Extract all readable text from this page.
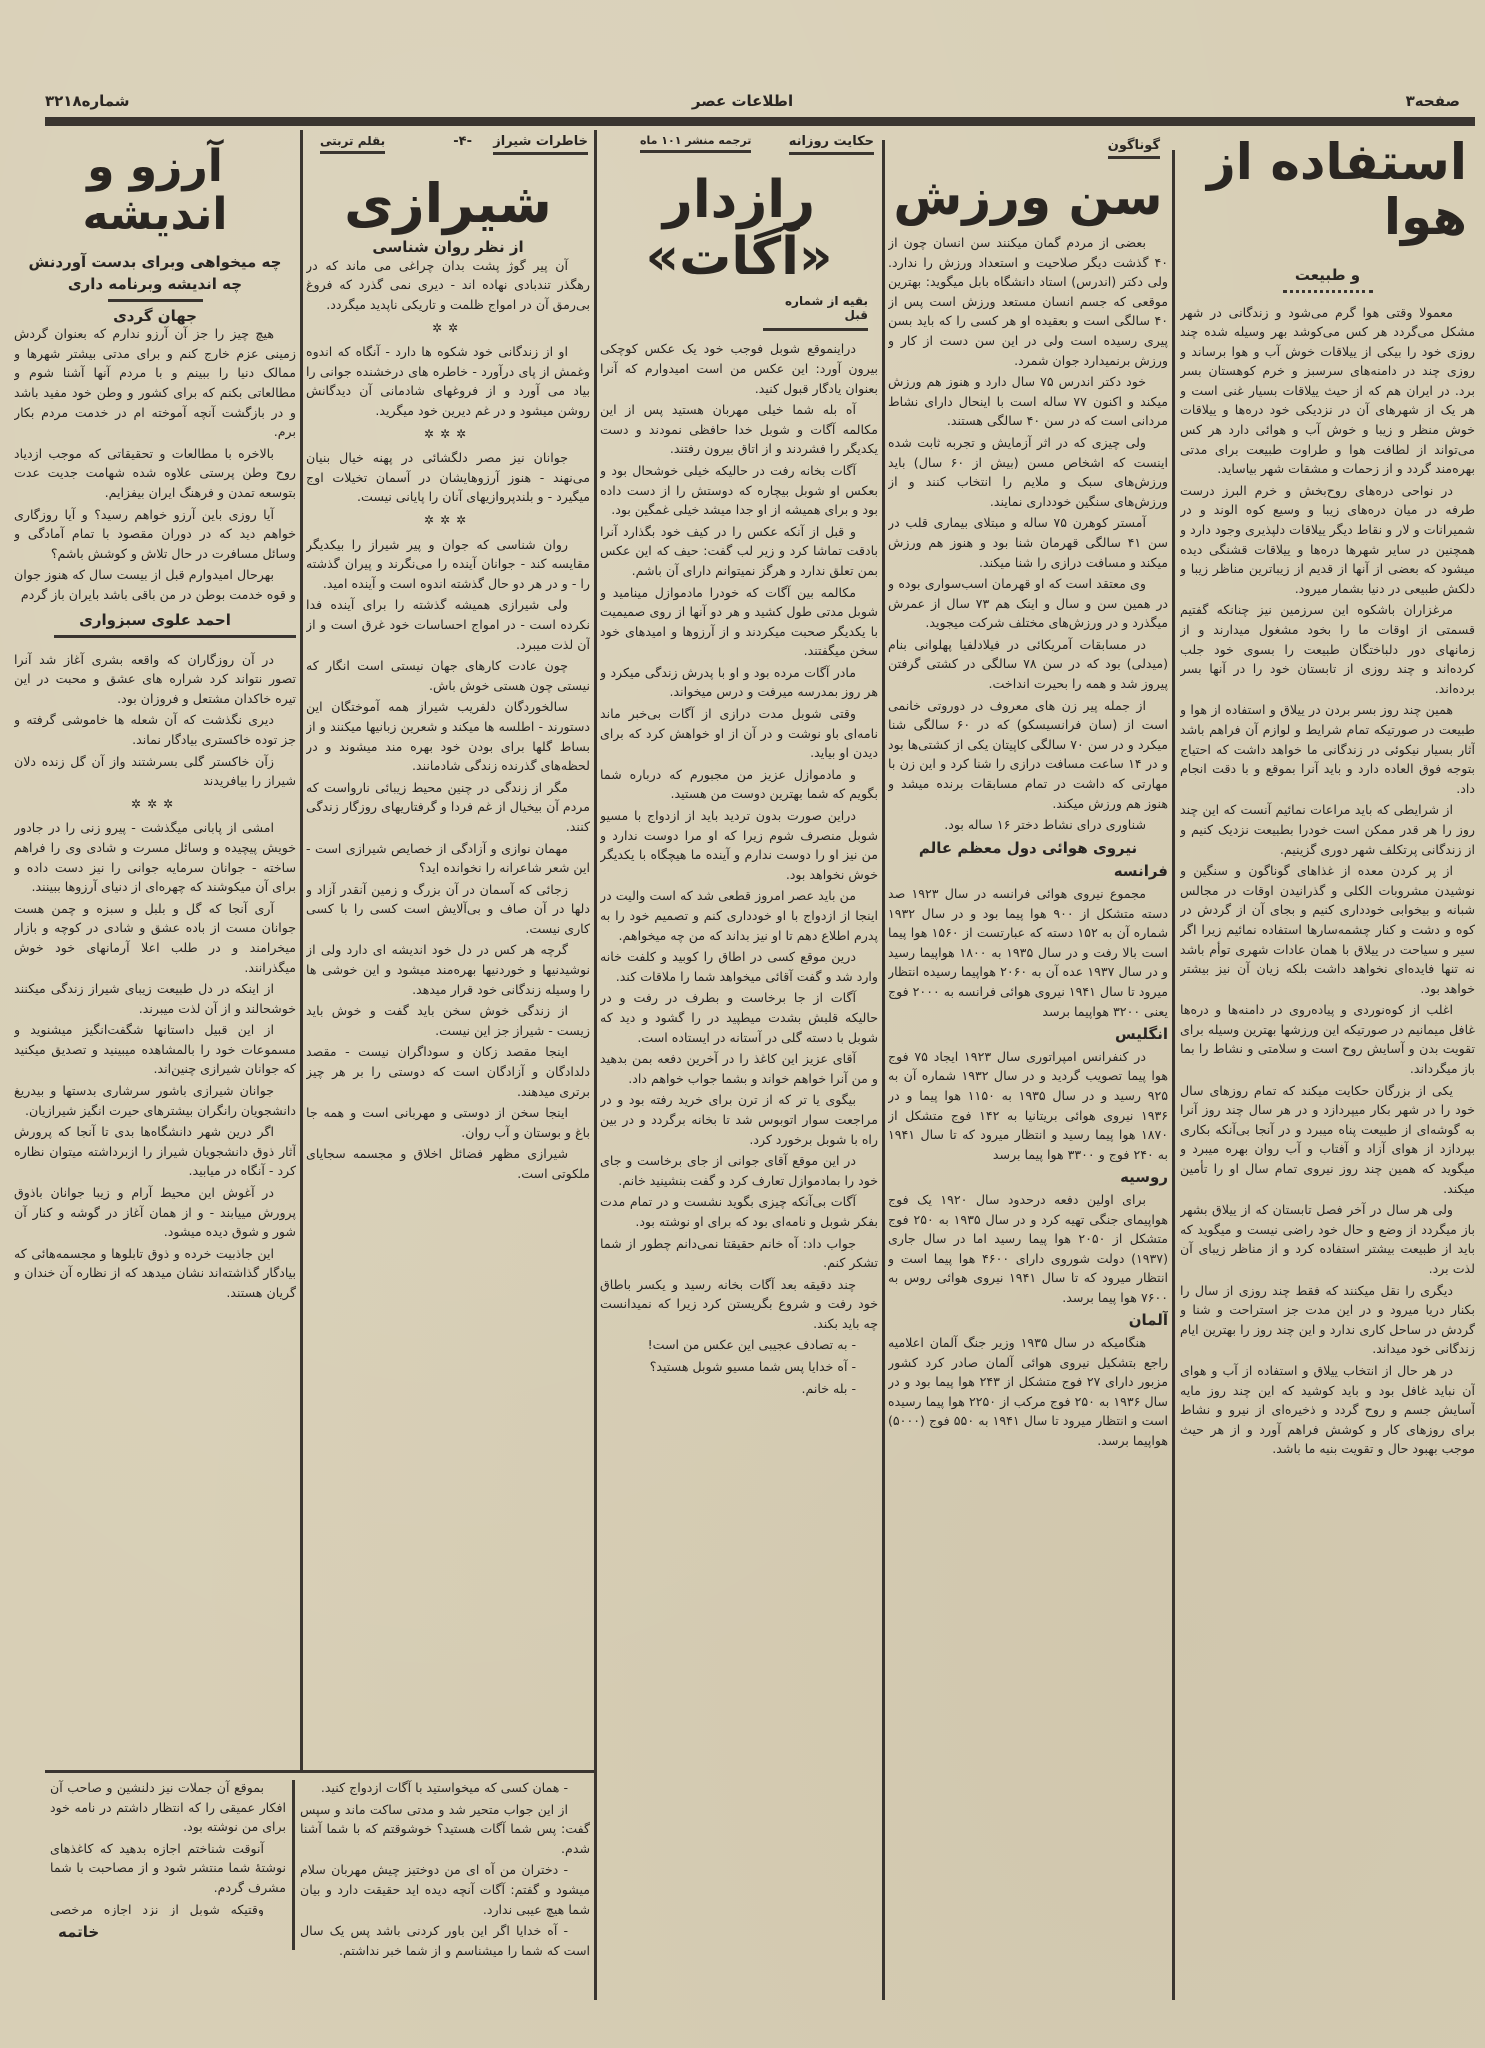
صفحه۳
اطلاعات عصر
شماره۳۲۱۸
استفاده از هوا
و طبیعت

معمولا وقتی هوا گرم می‌شود و زندگانی در شهر مشکل می‌گردد هر کس می‌کوشد بهر وسیله شده چند روزی خود را بیکی از ییلاقات خوش آب و هوا برساند و روزی چند در دامنه‌های سرسبز و خرم کوهستان بسر برد. در ایران هم که از حیث ییلاقات بسیار غنی است و هر یک از شهرهای آن در نزدیکی خود دره‌ها و ییلاقات خوش منظر و زیبا و خوش آب و هوائی دارد هر کس می‌تواند از لطافت هوا و طراوت طبیعت برای مدتی بهره‌مند گردد و از زحمات و مشقات شهر بیاساید.

در نواحی دره‌های روح‌بخش و خرم البرز درست طرفه در میان دره‌های زیبا و وسیع کوه الوند و در شمیرانات و لار و نقاط دیگر ییلاقات دلپذیری وجود دارد و همچنین در سایر شهرها دره‌ها و ییلاقات قشنگی دیده میشود که بعضی از آنها از قدیم از زیباترین مناظر زیبا و دلکش طبیعی در دنیا بشمار میرود.

مرغزاران باشکوه این سرزمین نیز چنانکه گفتیم قسمتی از اوقات ما را بخود مشغول میدارند و از زمانهای دور دلباختگان طبیعت را بسوی خود جلب کرده‌اند و چند روزی از تابستان خود را در آنها بسر برده‌اند.

همین چند روز بسر بردن در ییلاق و استفاده از هوا و طبیعت در صورتیکه تمام شرایط و لوازم آن فراهم باشد آثار بسیار نیکوئی در زندگانی ما خواهد داشت که احتیاج بتوجه فوق العاده دارد و باید آنرا بموقع و با دقت انجام داد.

از شرایطی که باید مراعات نمائیم آنست که این چند روز را هر قدر ممکن است خودرا بطبیعت نزدیک کنیم و از زندگانی پرتکلف شهر دوری گزینیم.

از پر کردن معده از غذاهای گوناگون و سنگین و نوشیدن مشروبات الکلی و گذرانیدن اوقات در مجالس شبانه و بیخوابی خودداری کنیم و بجای آن از گردش در کوه و دشت و کنار چشمه‌سارها استفاده نمائیم زیرا اگر سیر و سیاحت در ییلاق با همان عادات شهری توأم باشد نه تنها فایده‌ای نخواهد داشت بلکه زیان آن نیز بیشتر خواهد بود.

اغلب از کوه‌نوردی و پیاده‌روی در دامنه‌ها و دره‌ها غافل میمانیم در صورتیکه این ورزشها بهترین وسیله برای تقویت بدن و آسایش روح است و سلامتی و نشاط را بما باز میگرداند.

یکی از بزرگان حکایت میکند که تمام روزهای سال خود را در شهر بکار میپردازد و در هر سال چند روز آنرا به گوشه‌ای از طبیعت پناه میبرد و در آنجا بی‌آنکه بکاری بپردازد از هوای آزاد و آفتاب و آب روان بهره میبرد و میگوید که همین چند روز نیروی تمام سال او را تأمین میکند.

ولی هر سال در آخر فصل تابستان که از ییلاق بشهر باز میگردد از وضع و حال خود راضی نیست و میگوید که باید از طبیعت بیشتر استفاده کرد و از مناظر زیبای آن لذت برد.

دیگری را نقل میکنند که فقط چند روزی از سال را بکنار دریا میرود و در این مدت جز استراحت و شنا و گردش در ساحل کاری ندارد و این چند روز را بهترین ایام زندگانی خود میداند.

در هر حال از انتخاب ییلاق و استفاده از آب و هوای آن نباید غافل بود و باید کوشید که این چند روز مایه آسایش جسم و روح گردد و ذخیره‌ای از نیرو و نشاط برای روزهای کار و کوشش فراهم آورد و از هر حیث موجب بهبود حال و تقویت بنیه ما باشد.

گوناگون
سن ورزش

بعضی از مردم گمان میکنند سن انسان چون از ۴۰ گذشت دیگر صلاحیت و استعداد ورزش را ندارد. ولی دکتر (اندرس) استاد دانشگاه بابل میگوید: بهترین موقعی که جسم انسان مستعد ورزش است پس از ۴۰ سالگی است و بعقیده او هر کسی را که باید بسن پیری رسیده است ولی در این سن دست از کار و ورزش برنمیدارد جوان شمرد.

خود دکتر اندرس ۷۵ سال دارد و هنوز هم ورزش میکند و اکنون ۷۷ ساله است با اینحال دارای نشاط مردانی است که در سن ۴۰ سالگی هستند.

ولی چیزی که در اثر آزمایش و تجربه ثابت شده اینست که اشخاص مسن (بیش از ۶۰ سال) باید ورزش‌های سبک و ملایم را انتخاب کنند و از ورزش‌های سنگین خودداری نمایند.

آمستر کوهرن ۷۵ ساله و مبتلای بیماری قلب در سن ۴۱ سالگی قهرمان شنا بود و هنوز هم ورزش میکند و مسافت درازی را شنا میکند.

وی معتقد است که او قهرمان اسب‌سواری بوده و در همین سن و سال و اینک هم ۷۳ سال از عمرش میگذرد و در ورزش‌های مختلف شرکت میجوید.

در مسابقات آمریکائی در فیلادلفیا پهلوانی بنام (میدلی) بود که در سن ۷۸ سالگی در کشتی گرفتن پیروز شد و همه را بحیرت انداخت.

از جمله پیر زن های معروف در دوروتی خانمی است از (سان فرانسیسکو) که در ۶۰ سالگی شنا میکرد و در سن ۷۰ سالگی کاپیتان یکی از کشتی‌ها بود و در ۱۴ ساعت مسافت درازی را شنا کرد و این زن با مهارتی که داشت در تمام مسابقات برنده میشد و هنوز هم ورزش میکند.

شناوری درای نشاط دختر ۱۶ ساله بود.

نیروی هوائی دول معظم عالم
فرانسه

مجموع نیروی هوائی فرانسه در سال ۱۹۲۳ صد دسته متشکل از ۹۰۰ هوا پیما بود و در سال ۱۹۳۲ شماره آن به ۱۵۲ دسته که عبارتست از ۱۵۶۰ هوا پیما است بالا رفت و در سال ۱۹۳۵ به ۱۸۰۰ هواپیما رسید و در سال ۱۹۳۷ عده آن به ۲۰۶۰ هواپیما رسیده انتظار میرود تا سال ۱۹۴۱ نیروی هوائی فرانسه به ۲۰۰۰ فوج یعنی ۳۲۰۰ هواپیما برسد

انگلیس

در کنفرانس امپراتوری سال ۱۹۲۳ ایجاد ۷۵ فوج هوا پیما تصویب گردید و در سال ۱۹۳۲ شماره آن به ۹۲۵ رسید و در سال ۱۹۳۵ به ۱۱۵۰ هوا پیما و در ۱۹۳۶ نیروی هوائی بریتانیا به ۱۴۲ فوج متشکل از ۱۸۷۰ هوا پیما رسید و انتظار میرود که تا سال ۱۹۴۱ به ۲۴۰ فوج و ۳۳۰۰ هوا پیما برسد

روسیه

برای اولین دفعه درحدود سال ۱۹۲۰ یک فوج هواپیمای جنگی تهیه کرد و در سال ۱۹۳۵ به ۲۵۰ فوج متشکل از ۲۰۵۰ هوا پیما رسید اما در سال جاری (۱۹۳۷) دولت شوروی دارای ۴۶۰۰ هوا پیما است و انتظار میرود که تا سال ۱۹۴۱ نیروی هوائی روس به ۷۶۰۰ هوا پیما برسد.

آلمان

هنگامیکه در سال ۱۹۳۵ وزیر جنگ آلمان اعلامیه راجع بتشکیل نیروی هوائی آلمان صادر کرد کشور مزبور دارای ۲۷ فوج متشکل از ۲۴۳ هوا پیما بود و در سال ۱۹۳۶ به ۲۵۰ فوج مرکب از ۲۲۵۰ هوا پیما رسیده است و انتظار میرود تا سال ۱۹۴۱ به ۵۵۰ فوج (۵۰۰۰) هواپیما برسد.

حکایت روزانه
ترجمه منشر ۱۰۱ ماه
رازدار «آگات»
بقیه از شماره قبل

دراینموقع شوبل فوجب خود یک عکس کوچکی بیرون آورد: این عکس من است امیدوارم که آنرا بعنوان یادگار قبول کنید.

آه بله شما خیلی مهربان هستید پس از این مکالمه آگات و شوبل خدا حافظی نمودند و دست یکدیگر را فشردند و از اتاق بیرون رفتند.

آگات بخانه رفت در حالیکه خیلی خوشحال بود و بعکس او شوبل بیچاره که دوستش را از دست داده بود و برای همیشه از او جدا میشد خیلی غمگین بود.

و قبل از آنکه عکس را در کیف خود بگذارد آنرا بادقت تماشا کرد و زیر لب گفت: حیف که این عکس بمن تعلق ندارد و هرگز نمیتوانم دارای آن باشم.

مکالمه بین آگات که خودرا مادموازل مینامید و شوبل مدتی طول کشید و هر دو آنها از روی صمیمیت با یکدیگر صحبت میکردند و از آرزوها و امیدهای خود سخن میگفتند.

مادر آگات مرده بود و او با پدرش زندگی میکرد و هر روز بمدرسه میرفت و درس میخواند.

وقتی شوبل مدت درازی از آگات بی‌خبر ماند نامه‌ای باو نوشت و در آن از او خواهش کرد که برای دیدن او بیاید.

و مادموازل عزیز من مجبورم که درباره شما بگویم که شما بهترین دوست من هستید.

دراین صورت بدون تردید باید از ازدواج با مسیو شوبل منصرف شوم زیرا که او مرا دوست ندارد و من نیز او را دوست ندارم و آینده ما هیچگاه با یکدیگر خوش نخواهد بود.

من باید عصر امروز قطعی شد که است والیت در اینجا از ازدواج با او خودداری کنم و تصمیم خود را به پدرم اطلاع دهم تا او نیز بداند که من چه میخواهم.

درین موقع کسی در اطاق را کوبید و کلفت خانه وارد شد و گفت آقائی میخواهد شما را ملاقات کند.

آگات از جا برخاست و بطرف در رفت و در حالیکه قلبش بشدت میطپید در را گشود و دید که شوبل با دسته گلی در آستانه در ایستاده است.

آقای عزیز این کاغذ را در آخرین دفعه بمن بدهید و من آنرا خواهم خواند و بشما جواب خواهم داد.

بیگوی یا تر که از ترن برای خرید رفته بود و در مراجعت سوار اتوبوس شد تا بخانه برگردد و در بین راه با شوبل برخورد کرد.

در این موقع آقای جوانی از جای برخاست و جای خود را بمادموازل تعارف کرد و گفت بنشینید خانم.

آگات بی‌آنکه چیزی بگوید نشست و در تمام مدت بفکر شوبل و نامه‌ای بود که برای او نوشته بود.

جواب داد: آه خانم حقیقتا نمی‌دانم چطور از شما تشکر کنم.

چند دقیقه بعد آگات بخانه رسید و یکسر باطاق خود رفت و شروع بگریستن کرد زیرا که نمیدانست چه باید بکند.

- به تصادف عجیبی این عکس من است!

- آه خدایا پس شما مسیو شوبل هستید؟

- بله خانم.

خاطرات شیراز
-۴-
بقلم تربتی
شیرازی
از نظر روان شناسی

آن پیر گوژ پشت بدان چراغی می ماند که در رهگذر تندبادی نهاده اند - دیری نمی گذرد که فروغ بی‌رمق آن در امواج ظلمت و تاریکی ناپدید میگردد.

✲✲

او از زندگانی خود شکوه ها دارد - آنگاه که اندوه وغمش از پای درآورد - خاطره های درخشنده جوانی را بیاد می آورد و از فروغهای شادمانی آن دیدگانش روشن میشود و در غم دیرین خود میگرید.

✲✲✲

جوانان نیز مصر دلگشائی در پهنه خیال بنیان می‌نهند - هنوز آرزوهایشان در آسمان تخیلات اوج میگیرد - و بلندپروازیهای آنان را پایانی نیست.

✲✲✲

روان شناسی که جوان و پیر شیراز را بیکدیگر مقایسه کند - جوانان آینده را می‌نگرند و پیران گذشته را - و در هر دو حال گذشته اندوه است و آینده امید.

ولی شیرازی همیشه گذشته را برای آینده فدا نکرده است - در امواج احساسات خود غرق است و از آن لذت میبرد.

چون عادت کارهای جهان نیستی است انگار که نیستی چون هستی خوش باش.

سالخوردگان دلفریب شیراز همه آموختگان این دستورند - اطلسه ها میکند و شعرین زبانیها میکنند و از بساط گلها برای بودن خود بهره مند میشوند و در لحظه‌های گذرنده زندگی شادمانند.

مگر از زندگی در چنین محیط زیبائی نارواست که مردم آن بیخیال از غم فردا و گرفتاریهای روزگار زندگی کنند.

مهمان نوازی و آزادگی از خصایص شیرازی است - این شعر شاعرانه را نخوانده اید؟

زجائی که آسمان در آن بزرگ و زمین آنقدر آزاد و دلها در آن صاف و بی‌آلایش است کسی را با کسی کاری نیست.

گرچه هر کس در دل خود اندیشه ای دارد ولی از نوشیدنیها و خوردنیها بهره‌مند میشود و این خوشی ها را وسیله زندگانی خود قرار میدهد.

از زندگی خوش سخن باید گفت و خوش باید زیست - شیراز جز این نیست.

اینجا مقصد زکان و سوداگران نیست - مقصد دلدادگان و آزادگان است که دوستی را بر هر چیز برتری میدهند.

اینجا سخن از دوستی و مهربانی است و همه جا باغ و بوستان و آب روان.

شیرازی مظهر فضائل اخلاق و مجسمه سجایای ملکوتی است.

آرزو و اندیشه
چه میخواهی وبرای بدست آوردنش
چه اندیشه وبرنامه داری
جهان گردی

هیچ چیز را جز آن آرزو ندارم که بعنوان گردش زمینی عزم خارج کنم و برای مدتی بیشتر شهرها و ممالک دنیا را ببینم و با مردم آنها آشنا شوم و مطالعاتی بکنم که برای کشور و وطن خود مفید باشد و در بازگشت آنچه آموخته ام در خدمت مردم بکار برم.

بالاخره با مطالعات و تحقیقاتی که موجب ازدیاد روح وطن پرستی علاوه شده شهامت جدیت عدت بتوسعه تمدن و فرهنگ ایران بیفزایم.

آیا روزی باین آرزو خواهم رسید؟ و آیا روزگاری خواهم دید که در دوران مقصود با تمام آمادگی و وسائل مسافرت در حال تلاش و کوشش باشم؟

بهرحال امیدوارم قبل از بیست سال که هنوز جوان و قوه خدمت بوطن در من باقی باشد بایران باز گردم

احمد علوی سبزواری

در آن روزگاران که واقعه بشری آغاز شد آنرا تصور نتواند کرد شراره های عشق و محبت در این تیره خاکدان مشتعل و فروزان بود.

دیری نگذشت که آن شعله ها خاموشی گرفته و جز توده خاکستری بیادگار نماند.

زآن خاکستر گلی بسرشتند واز آن گل زنده دلان شیراز را بیافریدند

✲✲✲

امشی از پابانی میگذشت - پیرو زنی را در جادور خویش پیچیده و وسائل مسرت و شادی وی را فراهم ساخته - جوانان سرمایه جوانی را نیز دست داده و برای آن میکوشند که چهره‌ای از دنیای آرزوها ببینند.

آری آنجا که گل و بلبل و سبزه و چمن هست جوانان مست از باده عشق و شادی در کوچه و بازار میخرامند و در طلب اعلا آرمانهای خود خوش میگذرانند.

از اینکه در دل طبیعت زیبای شیراز زندگی میکنند خوشحالند و از آن لذت میبرند.

از این قبیل داستانها شگفت‌انگیز میشنوید و مسموعات خود را بالمشاهده میبینید و تصدیق میکنید که جوانان شیرازی چنین‌اند.

جوانان شیرازی باشور سرشاری بدستها و بیدریغ دانشجویان رانگران بیشترهای حیرت انگیز شیرازیان.

اگر درین شهر دانشگاه‌ها بدی تا آنجا که پرورش آثار ذوق دانشجویان شیراز را ازبرداشته میتوان نظاره کرد - آنگاه در میابید.

در آغوش این محیط آرام و زیبا جوانان باذوق پرورش مییابند - و از همان آغاز در گوشه و کنار آن شور و شوق دیده میشود.

این جاذبیت خرده و ذوق تابلوها و مجسمه‌هائی که بیادگار گذاشته‌اند نشان میدهد که از نظاره آن خندان و گریان هستند.

- همان کسی که میخواستید با آگات ازدواج کنید.

از این جواب متحیر شد و مدتی ساکت ماند و سپس گفت: پس شما آگات هستید؟ خوشوقتم که با شما آشنا شدم.

- دختران من آه ای من دوختیز چیش مهربان سلام میشود و گفتم: آگات آنچه دیده اید حقیقت دارد و بیان شما هیچ عیبی ندارد.

- آه خدایا اگر این باور کردنی باشد پس یک سال است که شما را میشناسم و از شما خبر نداشتم.

بموقع آن جملات نیز دلنشین و صاحب آن افکار عمیقی را که انتظار داشتم در نامه خود برای من نوشته بود.

آنوقت شناختم اجازه بدهید که کاغذهای نوشتهٔ شما منتشر شود و از مصاحبت با شما مشرف گردم.

وقتیکه شوبل از نزد اجازه مرخصی

خاتمه
